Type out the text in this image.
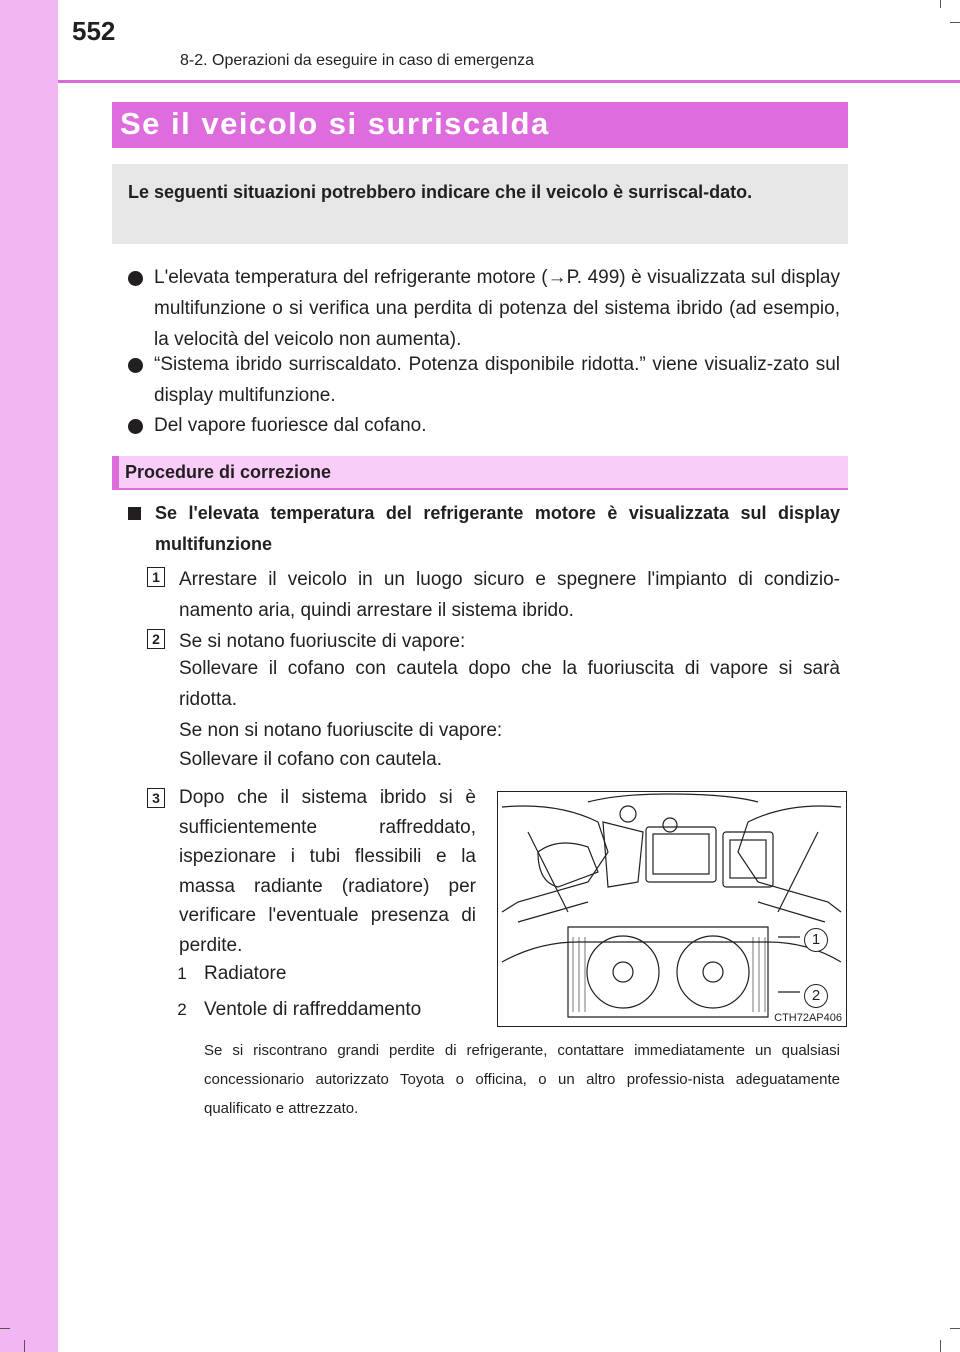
552
8-2. Operazioni da eseguire in caso di emergenza
Se il veicolo si surriscalda

Le seguenti situazioni potrebbero indicare che il veicolo è surriscal-dato.

L'elevata temperatura del refrigerante motore (→P. 499) è visualizzata sul display multifunzione o si verifica una perdita di potenza del sistema ibrido (ad esempio, la velocità del veicolo non aumenta).
“Sistema ibrido surriscaldato. Potenza disponibile ridotta.” viene visualiz-zato sul display multifunzione.
Del vapore fuoriesce dal cofano.
Procedure di correzione
Se l'elevata temperatura del refrigerante motore è visualizzata sul display multifunzione
1 Arrestare il veicolo in un luogo sicuro e spegnere l'impianto di condizio-namento aria, quindi arrestare il sistema ibrido.
2 Se si notano fuoriuscite di vapore:
Sollevare il cofano con cautela dopo che la fuoriuscita di vapore si sarà ridotta.
Se non si notano fuoriuscite di vapore:
Sollevare il cofano con cautela.
3 Dopo che il sistema ibrido si è sufficientemente raffreddato, ispezionare i tubi flessibili e la massa radiante (radiatore) per verificare l'eventuale presenza di perdite.
1 Radiatore
2 Ventole di raffreddamento
Se si riscontrano grandi perdite di refrigerante, contattare immediatamente un qualsiasi concessionario autorizzato Toyota o officina, o un altro professio-nista adeguatamente qualificato e attrezzato.
1
2
CTH72AP406
